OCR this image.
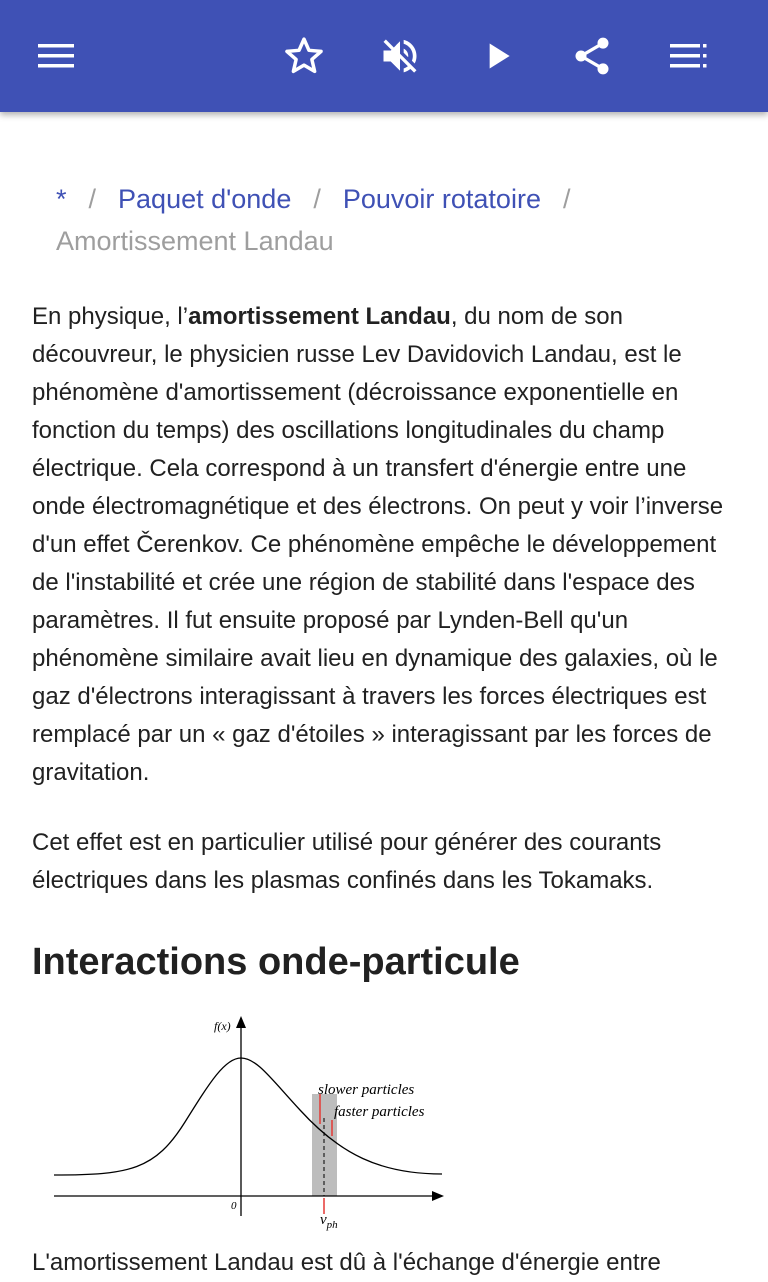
* / Paquet d'onde / Pouvoir rotatoire /
Amortissement Landau

En physique, l’amortissement Landau, du nom de son découvreur, le physicien russe Lev Davidovich Landau, est le phénomène d'amortissement (décroissance exponentielle en fonction du temps) des oscillations longitudinales du champ électrique. Cela correspond à un transfert d'énergie entre une onde électromagnétique et des électrons. On peut y voir l’inverse d'un effet Čerenkov. Ce phénomène empêche le développement de l'instabilité et crée une région de stabilité dans l'espace des paramètres. Il fut ensuite proposé par Lynden-Bell qu'un phénomène similaire avait lieu en dynamique des galaxies, où le gaz d'électrons interagissant à travers les forces électriques est remplacé par un « gaz d'étoiles » interagissant par les forces de gravitation.

Cet effet est en particulier utilisé pour générer des courants électriques dans les plasmas confinés dans les Tokamaks.

Interactions onde-particule
f(x)
0
slower particles
faster particles
$v_{ph}$

L'amortissement Landau est dû à l'échange d'énergie entre
